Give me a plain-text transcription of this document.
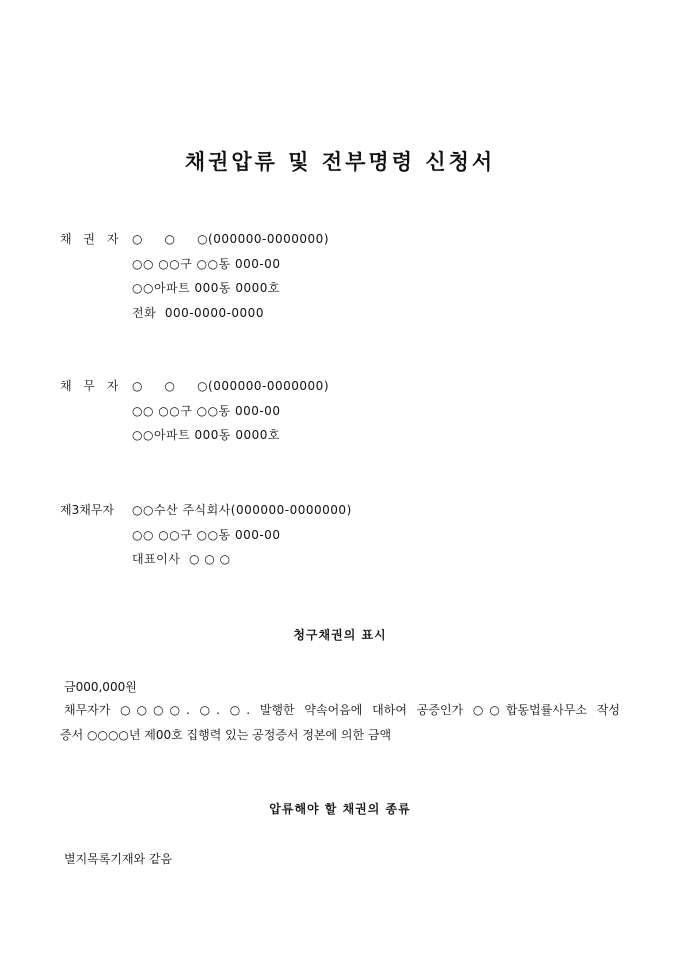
채권압류 및 전부명령 신청서
채 권 자 ○     ○     ○(000000-0000000)
○○ ○○구 ○○동 000-00
○○아파트 000동 0000호
전화  000-0000-0000
채 무 자 ○     ○     ○(000000-0000000)
○○ ○○구 ○○동 000-00
○○아파트 000동 0000호
제3채무자 ○○수산 주식회사(000000-0000000)
○○ ○○구 ○○동 000-00
대표이사  ○ ○ ○
청구채권의 표시
금000,000원
채무자가 ○○○○. ○. ○. 발행한 약속어음에 대하여 공증인가 ○○합동법률사무소 작성
증서 ○○○○년 제00호 집행력 있는 공정증서 정본에 의한 금액
압류해야 할 채권의 종류
별지목록기재와 같음
